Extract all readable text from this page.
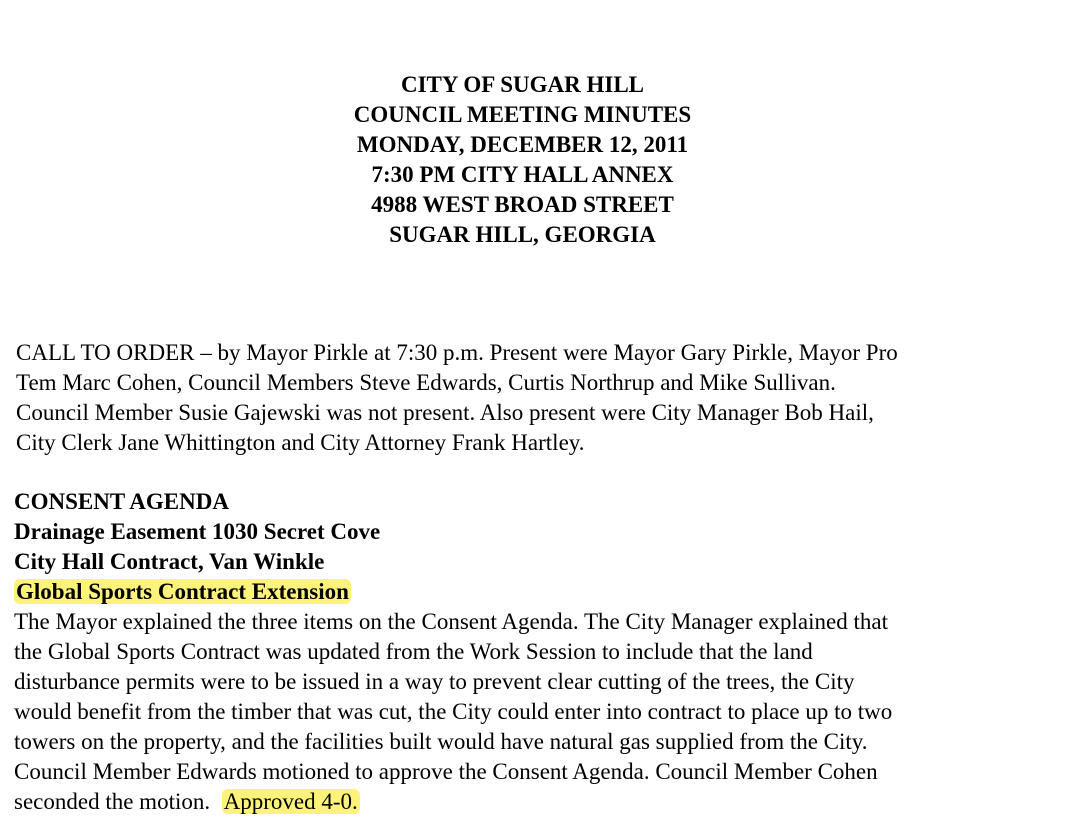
CITY OF SUGAR HILL
COUNCIL MEETING MINUTES
MONDAY, DECEMBER 12, 2011
7:30 PM CITY HALL ANNEX
4988 WEST BROAD STREET
SUGAR HILL, GEORGIA
CALL TO ORDER – by Mayor Pirkle at 7:30 p.m. Present were Mayor Gary Pirkle, Mayor Pro
Tem Marc Cohen, Council Members Steve Edwards, Curtis Northrup and Mike Sullivan.
Council Member Susie Gajewski was not present. Also present were City Manager Bob Hail,
City Clerk Jane Whittington and City Attorney Frank Hartley.
CONSENT AGENDA
Drainage Easement 1030 Secret Cove
City Hall Contract, Van Winkle
Global Sports Contract Extension
The Mayor explained the three items on the Consent Agenda. The City Manager explained that
the Global Sports Contract was updated from the Work Session to include that the land
disturbance permits were to be issued in a way to prevent clear cutting of the trees, the City
would benefit from the timber that was cut, the City could enter into contract to place up to two
towers on the property, and the facilities built would have natural gas supplied from the City.
Council Member Edwards motioned to approve the Consent Agenda. Council Member Cohen
seconded the motion.  Approved 4-0.
